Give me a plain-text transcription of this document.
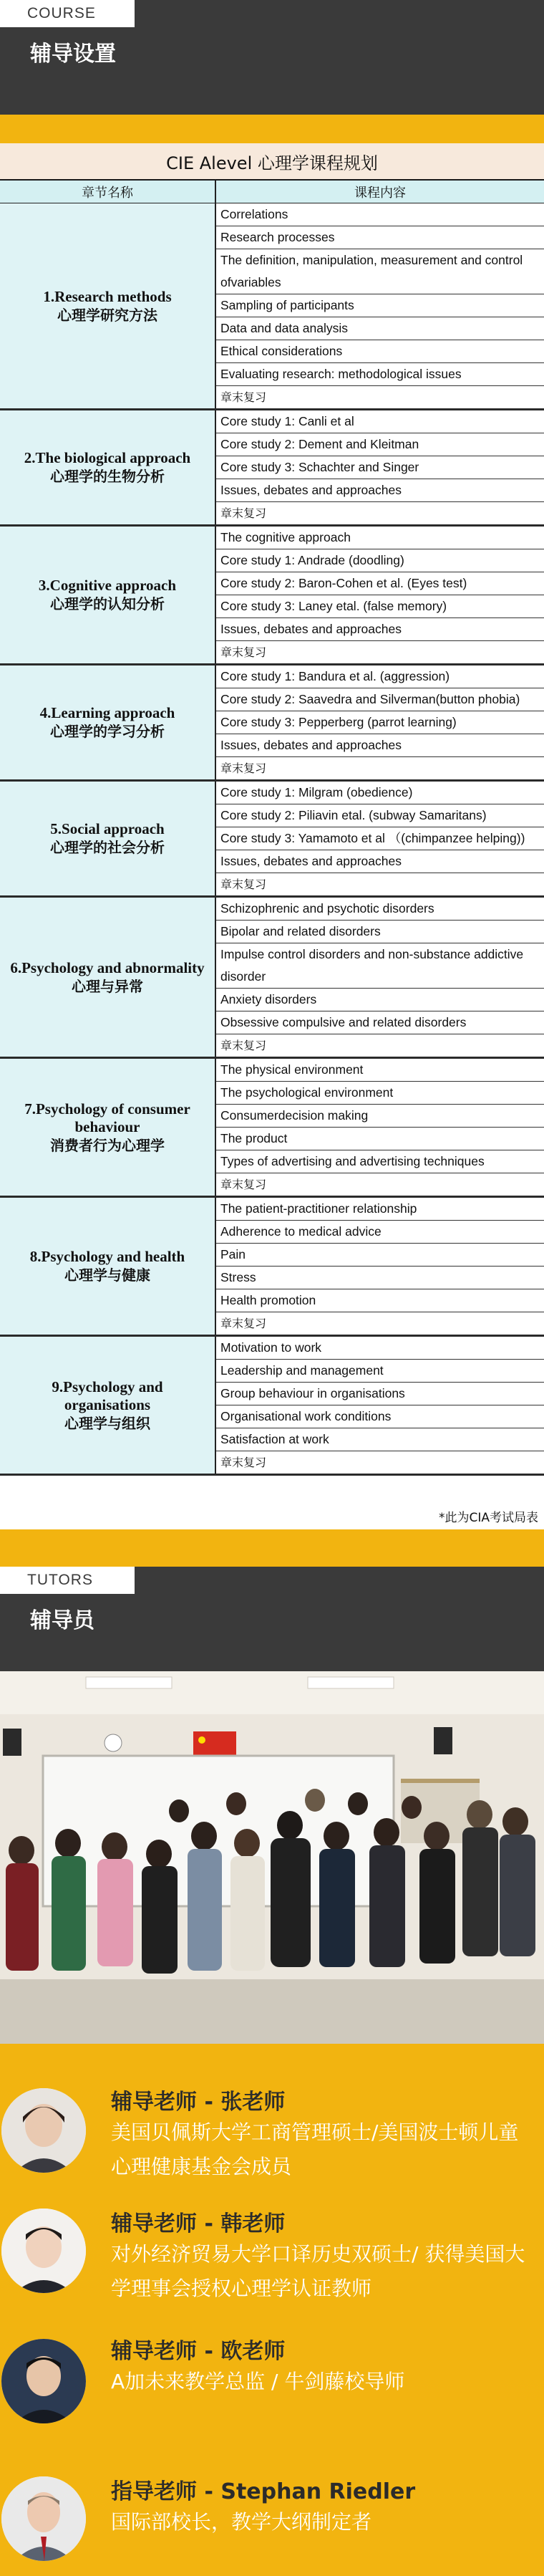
COURSE
辅导设置
CIE Alevel 心理学课程规划
章节名称	课程内容
1.Research methods
心理学研究方法
Correlations
Research processes
The definition, manipulation, measurement and control ofvariables
Sampling of participants
Data and data analysis
Ethical considerations
Evaluating research: methodological issues
章末复习
2.The biological approach
心理学的生物分析
Core study 1: Canli et al
Core study 2: Dement and Kleitman
Core study 3: Schachter and Singer
Issues, debates and approaches
章末复习
3.Cognitive approach
心理学的认知分析
The cognitive approach
Core study 1: Andrade (doodling)
Core study 2: Baron-Cohen et al. (Eyes test)
Core study 3: Laney etal. (false memory)
Issues, debates and approaches
章末复习
4.Learning approach
心理学的学习分析
Core study 1: Bandura et al. (aggression)
Core study 2: Saavedra and Silverman(button phobia)
Core study 3: Pepperberg (parrot learning)
Issues, debates and approaches
章末复习
5.Social approach
心理学的社会分析
Core study 1: Milgram (obedience)
Core study 2: Piliavin etal. (subway Samaritans)
Core study 3: Yamamoto et al （(chimpanzee helping))
Issues, debates and approaches
章末复习
6.Psychology and abnormality
心理与异常
Schizophrenic and psychotic disorders
Bipolar and related disorders
Impulse control disorders and non-substance addictive disorder
Anxiety disorders
Obsessive compulsive and related disorders
章末复习
7.Psychology of consumer behaviour
消费者行为心理学
The physical environment
The psychological environment
Consumerdecision making
The product
Types of advertising and advertising techniques
章末复习
8.Psychology and health
心理学与健康
The patient-practitioner relationship
Adherence to medical advice
Pain
Stress
Health promotion
章末复习
9.Psychology and organisations
心理学与组织
Motivation to work
Leadership and management
Group behaviour in organisations
Organisational work conditions
Satisfaction at work
章末复习
*此为CIA考试局表
TUTORS
辅导员
辅导老师 - 张老师
美国贝佩斯大学工商管理硕士/美国波士顿儿童心理健康基金会成员
辅导老师 - 韩老师
对外经济贸易大学口译历史双硕士/ 获得美国大学理事会授权心理学认证教师
辅导老师 - 欧老师
A加未来教学总监 / 牛剑藤校导师
指导老师 - Stephan Riedler
国际部校长，教学大纲制定者
